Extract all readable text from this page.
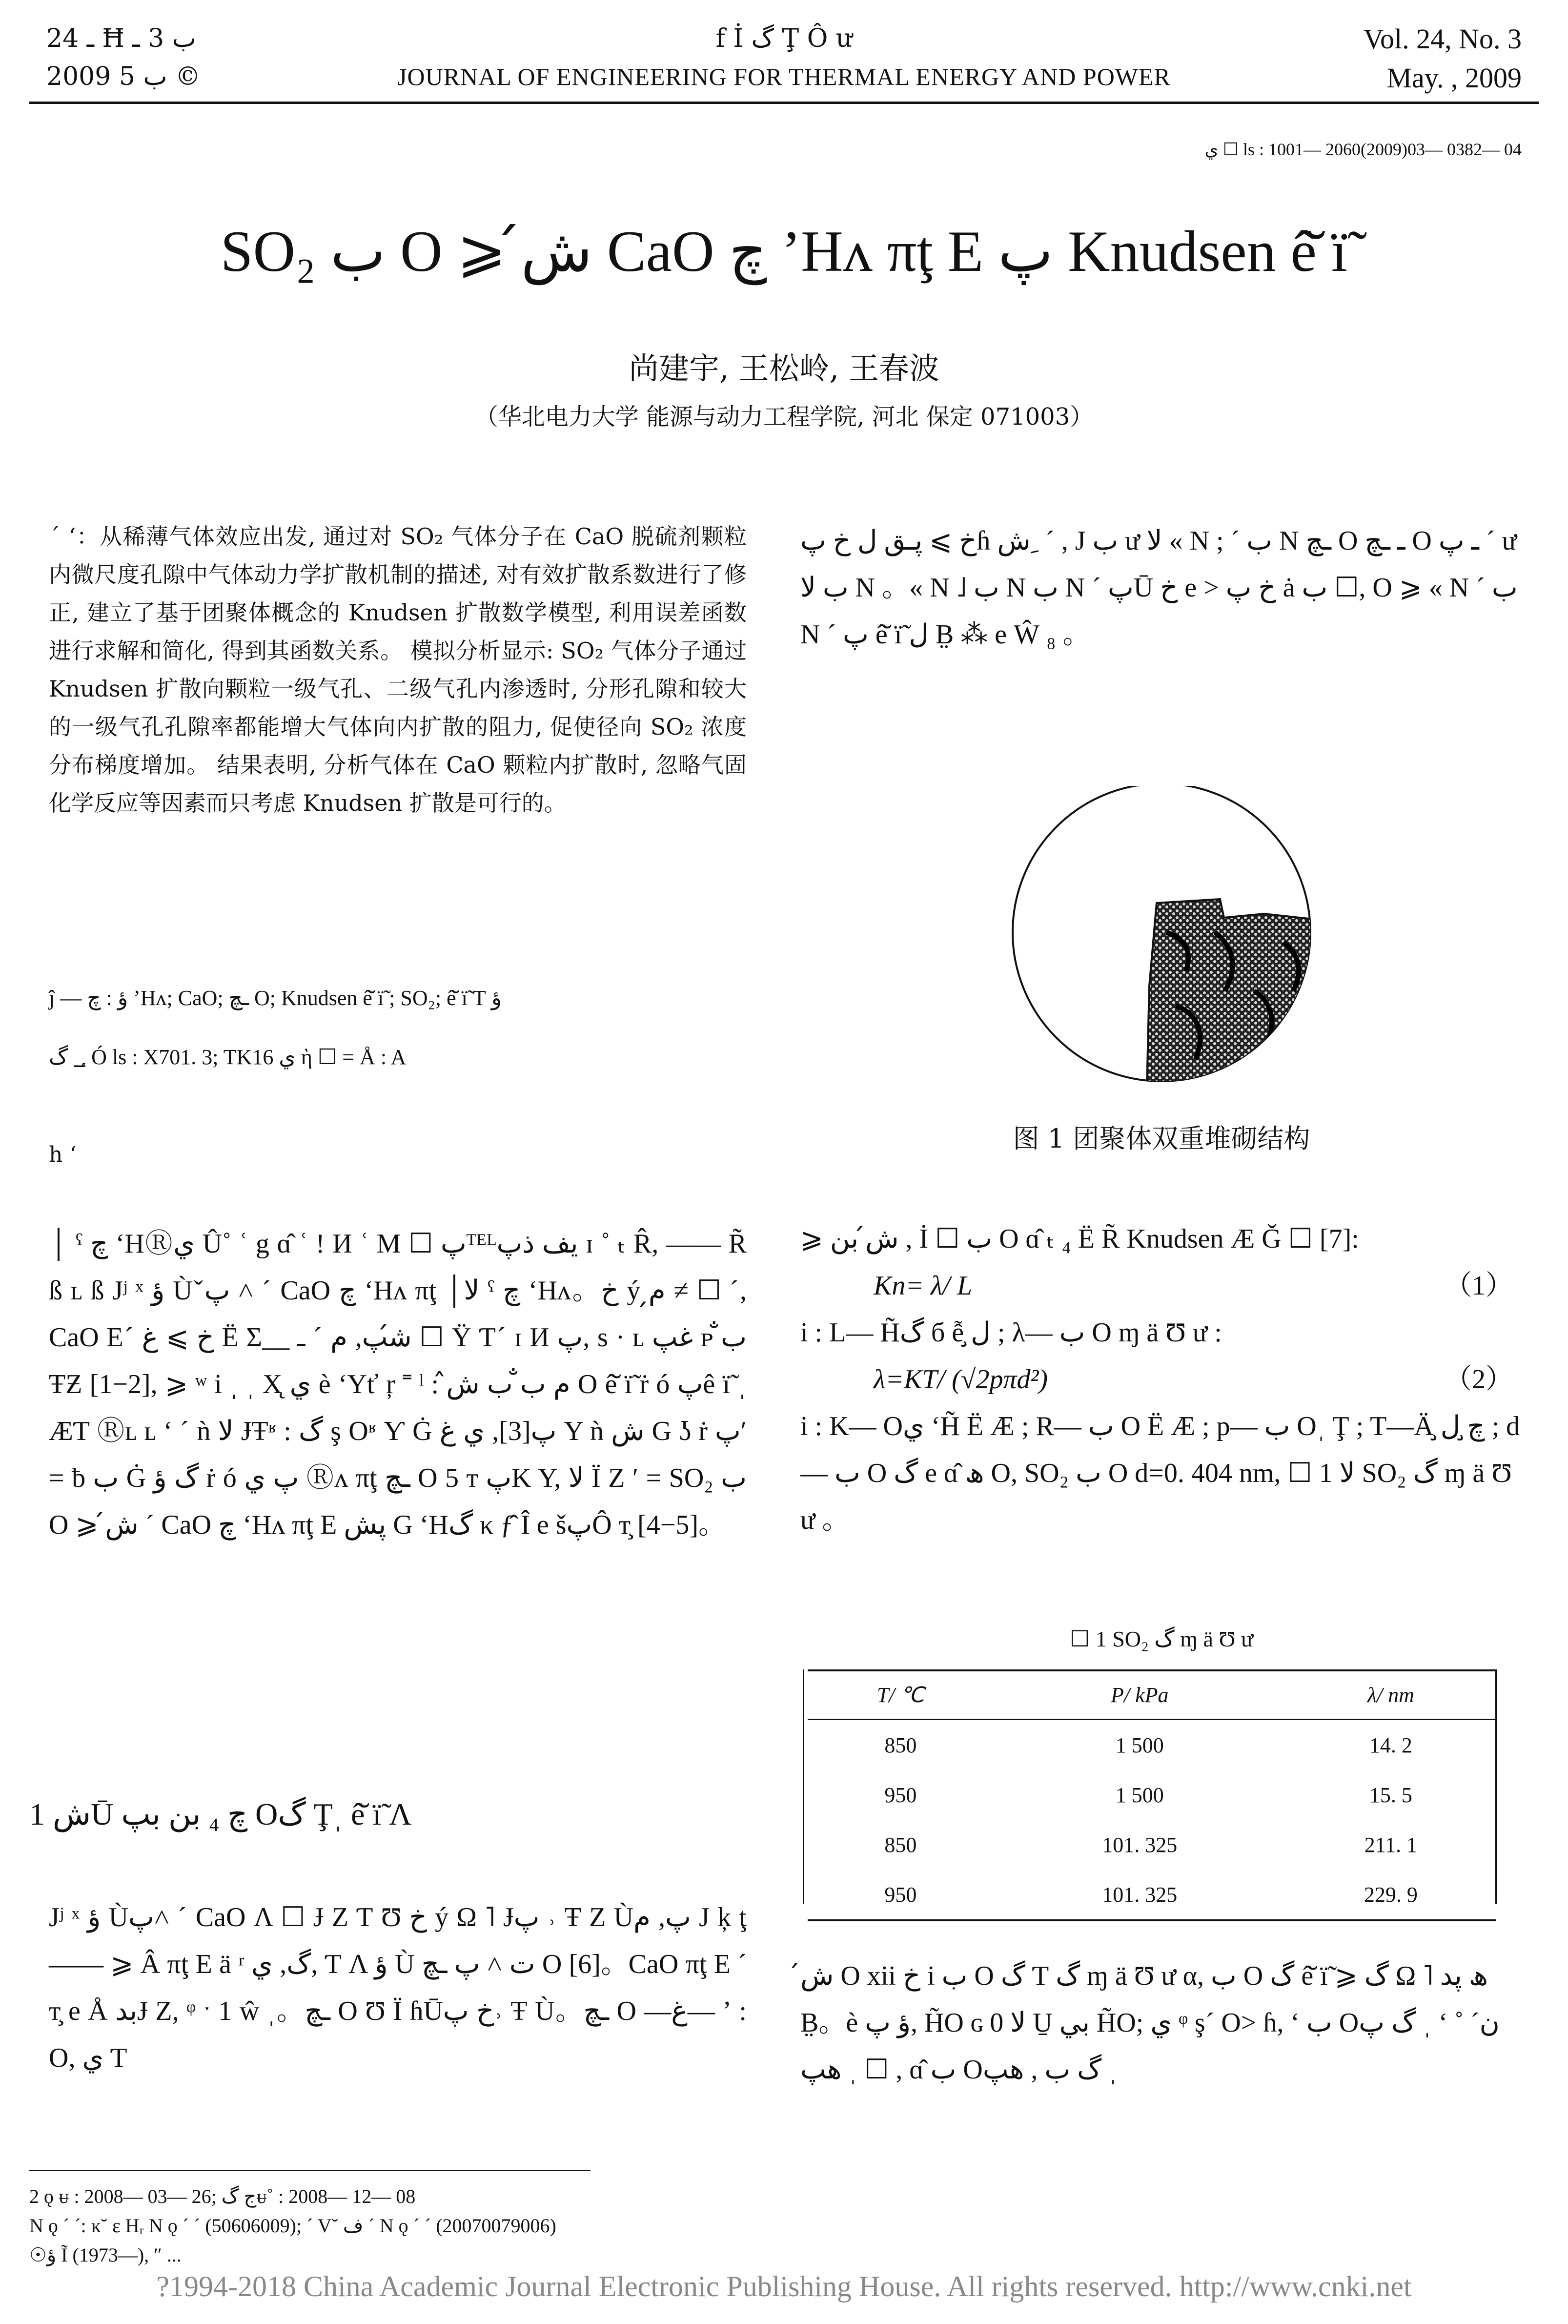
ـ 24 Ħ ب 3 ـ
2009 ب 5 ©
f İ گ Ţ Ô ư
JOURNAL OF ENGINEERING FOR THERMAL ENERGY AND POWER
Vol. 24, No. 3
May. , 2009
ي ☐ ls : 1001— 2060(2009)03— 0382— 04
SO₂ ب O ⩾ ش́ CaO چ ʼHʌ πţ E پ Knudsen ê̆ ï̃
尚建宇, 王松岭, 王春波
（华北电力大学 能源与动力工程学院, 河北 保定 071003）
ˊ ʻ：从稀薄气体效应出发, 通过对 SO₂ 气体分子在 CaO 脱硫剂颗粒内微尺度孔隙中气体动力学扩散机制的描述, 对有效扩散系数进行了修正, 建立了基于团聚体概念的 Knudsen 扩散数学模型, 利用误差函数进行求解和简化, 得到其函数关系。 模拟分析显示: SO₂ 气体分子通过 Knudsen 扩散向颗粒一级气孔、二级气孔内渗透时, 分形孔隙和较大的一级气孔孔隙率都能增大气体向内扩散的阻力, 促使径向 SO₂ 浓度分布梯度增加。 结果表明, 分析气体在 CaO 颗粒内扩散时, 忽略气固化学反应等因素而只考虑 Knudsen 扩散是可行的。
ĵ — ؤ : چ ʼHʌ; CaO; ـچ O; Knudsen ê̆ ï̃ ; SO₂; ê̆ ï̃ Ƭ ؤ
؀ گ Ó ls : X701. 3; TK16 ي ὴ ☐ = Å : A
h ʻ
│ ˤ چ ʻHⓇي Û˚ ʿ g ɑ̂ ʿ ! И ʿ M ☐ پᵀᴱᴸيف ذپ ɪ ˚ ₜ R̂, —— R̃ ß ʟ ß Jʲ ˣ ؤ Ùˇپ ˄ ˊ CaO چ ʻHʌ πţ │لا ˤ چ ʻHʌ。خ ý م̗ ≠ ☐ ˊ, CaO Eˊ خ ⩾ غ Ë Σ__ ش́پ, م ˊ ـ ☐ Ÿ Ƭˊ ɪ И پ, s · ʟ غپ ᴩ ب̐ ŦƵ [1−2], ⩾ ʷ і ˌ ˌ X̨ ي è ʻYť ŗ ˭ ˡ : م ب̐ ب ش̂ O ê̆ ï̃ ṙ ó پê ï̃ ˌ ÆƬ Ⓡʟ ʟ ʻ ˊ ǹ لا ɈŦʶ : گ ş Oʶ Ƴ Ġ پ[3], ي غ Y ǹ ش G ʖ ṙ پʹ = ƀ ب Ġ گ ؤ ṙ ó پ ي Ⓡʌ πţ ـچ O 5 т پK Y, لا Ï Z ʹ = SO₂ ب O ⩾ ش́ ˊ CaO چ ʻHʌ πţ E پش G ʻHگ κ ƒ̂ Î e šپÔ т̧ [4−5]。
1 شŪ چ ₄ بن بپ Oگ Ţˌ ê̆ ï̃ Λ
Jʲ ˣ ؤ Ùپ˄ ˊ CaO Λ ☐ Ɉ Z Ƭ Ʊ خ ý Ω ˥ Ɉپ ˒ Ŧ Z Ùپ, م J ķ ţ —— ⩾ Â πţ E ä ʳ گ, ي, Ƭ Λ ؤ Ù ت ˄ پ ـچ O [6]。CaO πţ E ˊ т̧ e Å بدɈ Z, ᵠ ˑ 1 ŵ ˌ。ـچ O Ʊ Ï ɦŪخ پ˒ Ŧ Ù。ـچ O —غ— ʼ : O, ي Ƭ
خ ⩾ پـق ل خ پɦ ش ِ ˊ , J ب ư لا « N ; ˊ ب N ـچ O ـ ـچ O ـ پ ˊ ư ب لا N 。« N ˩ ب N ب N ˊ پŪ خ e > خ پ ȧ ب ☐, O ⩾ « N ˊ ب N ˊ پ ê̆ ï̃ ل B̤ ⁂ e Ŵ ₈ 。
图 1 团聚体双重堆砌结构
⩾ ش́ بن , İ ☐ ب O ɑ̂ ₜ ₄ Ë R̃ Knudsen Æ Ǧ ☐ [7]:
Kn= λ/ L	（1）
і : L— H̃گ б ễ ل̧ ; λ— ب O ɱ ä Ʊ ư :
λ=KT/ (√2pπd²)	（2）
і : K— Oي ʻH̃ Ë Æ ; R— ب O Ë Æ ; p— ب Oˌ Ţ ; T—Ä چ̧ ل̧ ; d— ب O گ e ɑ̂ ھ O, SO₂ ب O d=0. 404 nm, ☐ 1 لا SO₂ گ ɱ ä Ʊ ư 。
☐ 1 SO₂ گ ɱ ä Ʊ ư
T/ ℃	P/ kPa	λ/ nm
850	1 500	14. 2
950	1 500	15. 5
850	101. 325	211. 1
950	101. 325	229. 9
ش́ O xii خ і ب O گ Ƭ گ ɱ ä Ʊ ư α, ب O گ ê̆ ï̃ ⩾ گ Ω ˥ ھ پد B̤。è ؤ پ, H̃O ɢ 0 لا U̱ بي H̃O; ي ᵠ şˊ O> ɦ, ʻ ب Oگ پ ˌ ʻ ˚ نˊ ☐ ˌ ھپ , ɑ̂ ب Oگ ب , ھپ ˌ
2 ǫ ᵾ : 2008— 03— 26; ج گᵾ˚ : 2008— 12— 08
N ǫ ˊ ˊ: ĸ˘ ɛ Hᵣ N ǫ ˊ ˊ (50606009); ˊ V˘ ف ˊ N ǫ ˊ ˊ (20070079006)
☉ؤ Ĩ (1973—), ″ ...
?1994-2018 China Academic Journal Electronic Publishing House. All rights reserved. http://www.cnki.net
